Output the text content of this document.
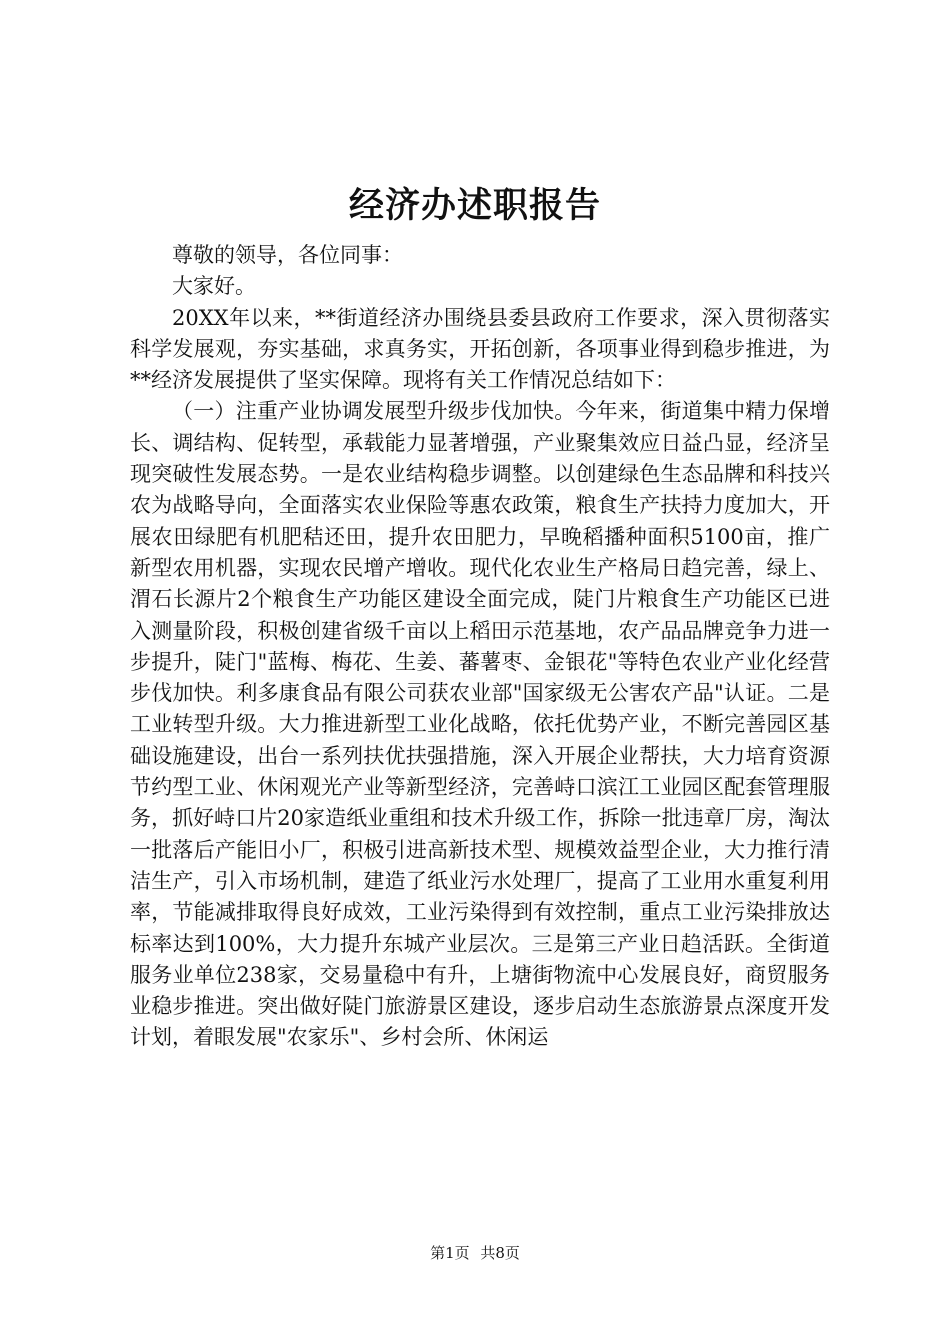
经济办述职报告

尊敬的领导，各位同事：

大家好。

20XX年以来，**街道经济办围绕县委县政府工作要求，深入贯彻落实科学发展观，夯实基础，求真务实，开拓创新，各项事业得到稳步推进，为**经济发展提供了坚实保障。现将有关工作情况总结如下：

（一）注重产业协调发展型升级步伐加快。今年来，街道集中精力保增长、调结构、促转型，承载能力显著增强，产业聚集效应日益凸显，经济呈现突破性发展态势。一是农业结构稳步调整。以创建绿色生态品牌和科技兴农为战略导向，全面落实农业保险等惠农政策，粮食生产扶持力度加大，开展农田绿肥有机肥秸还田，提升农田肥力，早晚稻播种面积5100亩，推广新型农用机器，实现农民增产增收。现代化农业生产格局日趋完善，绿上、渭石长源片2个粮食生产功能区建设全面完成，陡门片粮食生产功能区已进入测量阶段，积极创建省级千亩以上稻田示范基地，农产品品牌竞争力进一步提升，陡门"蓝梅、梅花、生姜、蕃薯枣、金银花"等特色农业产业化经营步伐加快。利多康食品有限公司获农业部"国家级无公害农产品"认证。二是工业转型升级。大力推进新型工业化战略，依托优势产业，不断完善园区基础设施建设，出台一系列扶优扶强措施，深入开展企业帮扶，大力培育资源节约型工业、休闲观光产业等新型经济，完善峙口滨江工业园区配套管理服务，抓好峙口片20家造纸业重组和技术升级工作，拆除一批违章厂房，淘汰一批落后产能旧小厂，积极引进高新技术型、规模效益型企业，大力推行清洁生产，引入市场机制，建造了纸业污水处理厂，提高了工业用水重复利用率，节能减排取得良好成效，工业污染得到有效控制，重点工业污染排放达标率达到100%，大力提升东城产业层次。三是第三产业日趋活跃。全街道服务业单位238家，交易量稳中有升，上塘街物流中心发展良好，商贸服务业稳步推进。突出做好陡门旅游景区建设，逐步启动生态旅游景点深度开发计划，着眼发展"农家乐"、乡村会所、休闲运

第1页 共8页
